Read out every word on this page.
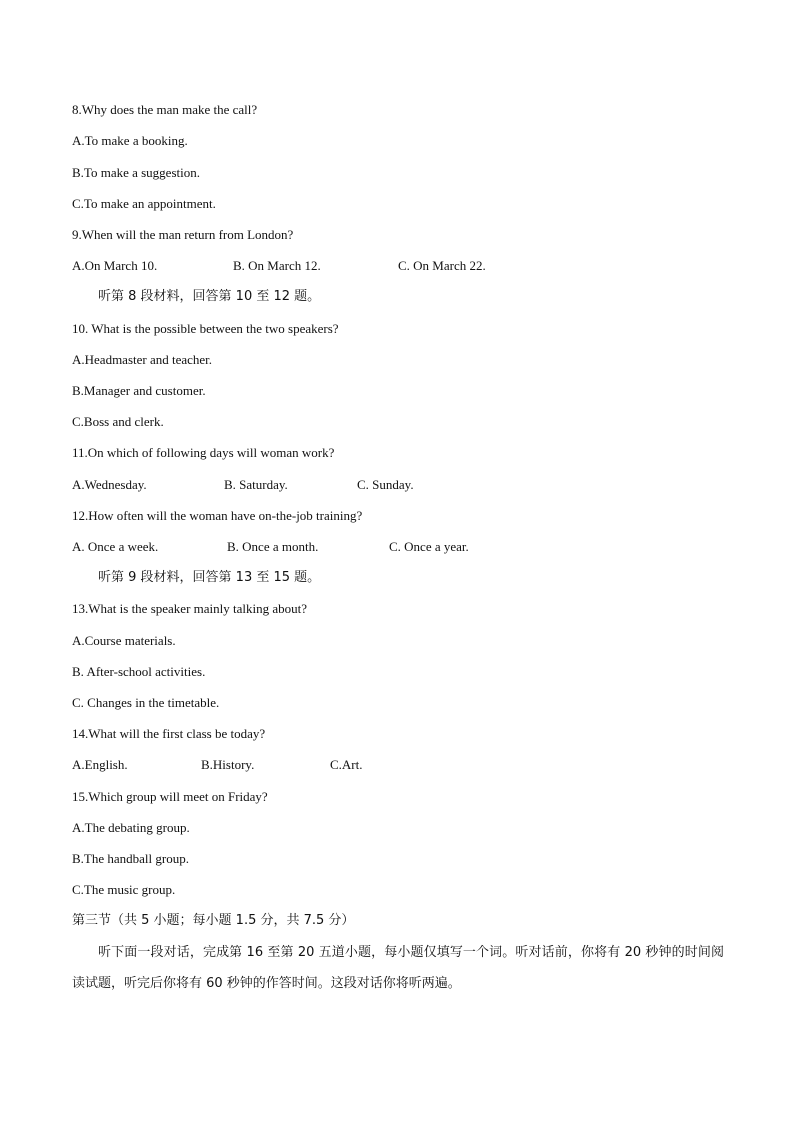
8.Why does the man make the call?
A.To make a booking.
B.To make a suggestion.
C.To make an appointment.
9.When will the man return from London?
A.On March 10.	B. On March 12.	C. On March 22.
听第 8 段材料，回答第 10 至 12 题。
10. What is the possible between the two speakers?
A.Headmaster and teacher.
B.Manager and customer.
C.Boss and clerk.
11.On which of following days will woman work?
A.Wednesday.	B. Saturday.	C. Sunday.
12.How often will the woman have on-the-job training?
A. Once a week.	B. Once a month.	C. Once a year.
听第 9 段材料，回答第 13 至 15 题。
13.What is the speaker mainly talking about?
A.Course materials.
B. After-school activities.
C. Changes in the timetable.
14.What will the first class be today?
A.English.	B.History.	C.Art.
15.Which group will meet on Friday?
A.The debating group.
B.The handball group.
C.The music group.
第三节（共 5 小题；每小题 1.5 分，共 7.5 分）
听下面一段对话，完成第 16 至第 20 五道小题，每小题仅填写一个词。听对话前，你将有 20 秒钟的时间阅读试题，听完后你将有 60 秒钟的作答时间。这段对话你将听两遍。
